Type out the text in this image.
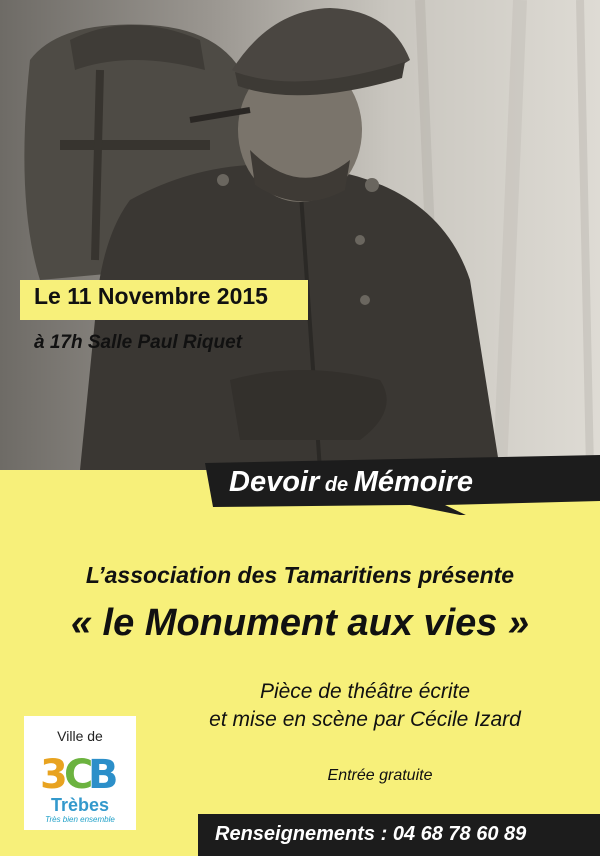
Le 11 Novembre 2015
à 17h Salle Paul Riquet
Devoir de Mémoire
L’association des Tamaritiens présente
« le Monument aux vies »
Pièce de théâtre écrite
et mise en scène par Cécile Izard
Entrée gratuite
Ville de
3
C
B
Trèbes
Très bien ensemble
Renseignements : 04 68 78 60 89
